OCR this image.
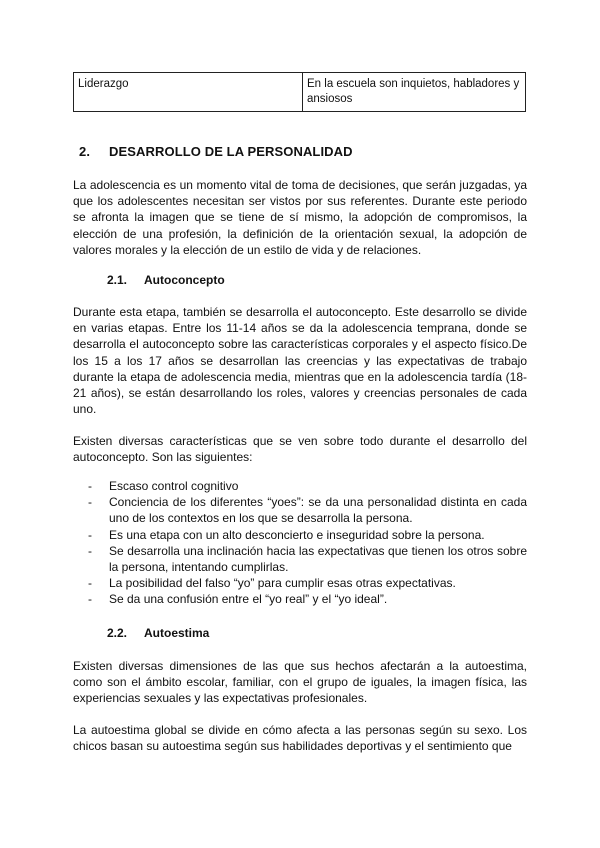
Liderazgo	En la escuela son inquietos, habladores y ansiosos
2. DESARROLLO DE LA PERSONALIDAD

La adolescencia es un momento vital de toma de decisiones, que serán juzgadas, ya que los adolescentes necesitan ser vistos por sus referentes. Durante este periodo se afronta la imagen que se tiene de sí mismo, la adopción de compromisos, la elección de una profesión, la definición de la orientación sexual, la adopción de valores morales y la elección de un estilo de vida y de relaciones.

2.1. Autoconcepto

Durante esta etapa, también se desarrolla el autoconcepto. Este desarrollo se divide en varias etapas. Entre los 11-14 años se da la adolescencia temprana, donde se desarrolla el autoconcepto sobre las características corporales y el aspecto físico.De los 15 a los 17 años se desarrollan las creencias y las expectativas de trabajo durante la etapa de adolescencia media, mientras que en la adolescencia tardía (18-21 años), se están desarrollando los roles, valores y creencias personales de cada uno.

Existen diversas características que se ven sobre todo durante el desarrollo del autoconcepto. Son las siguientes:

- Escaso control cognitivo
- Conciencia de los diferentes “yoes”: se da una personalidad distinta en cada uno de los contextos en los que se desarrolla la persona.
- Es una etapa con un alto desconcierto e inseguridad sobre la persona.
- Se desarrolla una inclinación hacia las expectativas que tienen los otros sobre la persona, intentando cumplirlas.
- La posibilidad del falso “yo” para cumplir esas otras expectativas.
- Se da una confusión entre el “yo real” y el “yo ideal”.
2.2. Autoestima

Existen diversas dimensiones de las que sus hechos afectarán a la autoestima, como son el ámbito escolar, familiar, con el grupo de iguales, la imagen física, las experiencias sexuales y las expectativas profesionales.

La autoestima global se divide en cómo afecta a las personas según su sexo. Los chicos basan su autoestima según sus habilidades deportivas y el sentimiento que
